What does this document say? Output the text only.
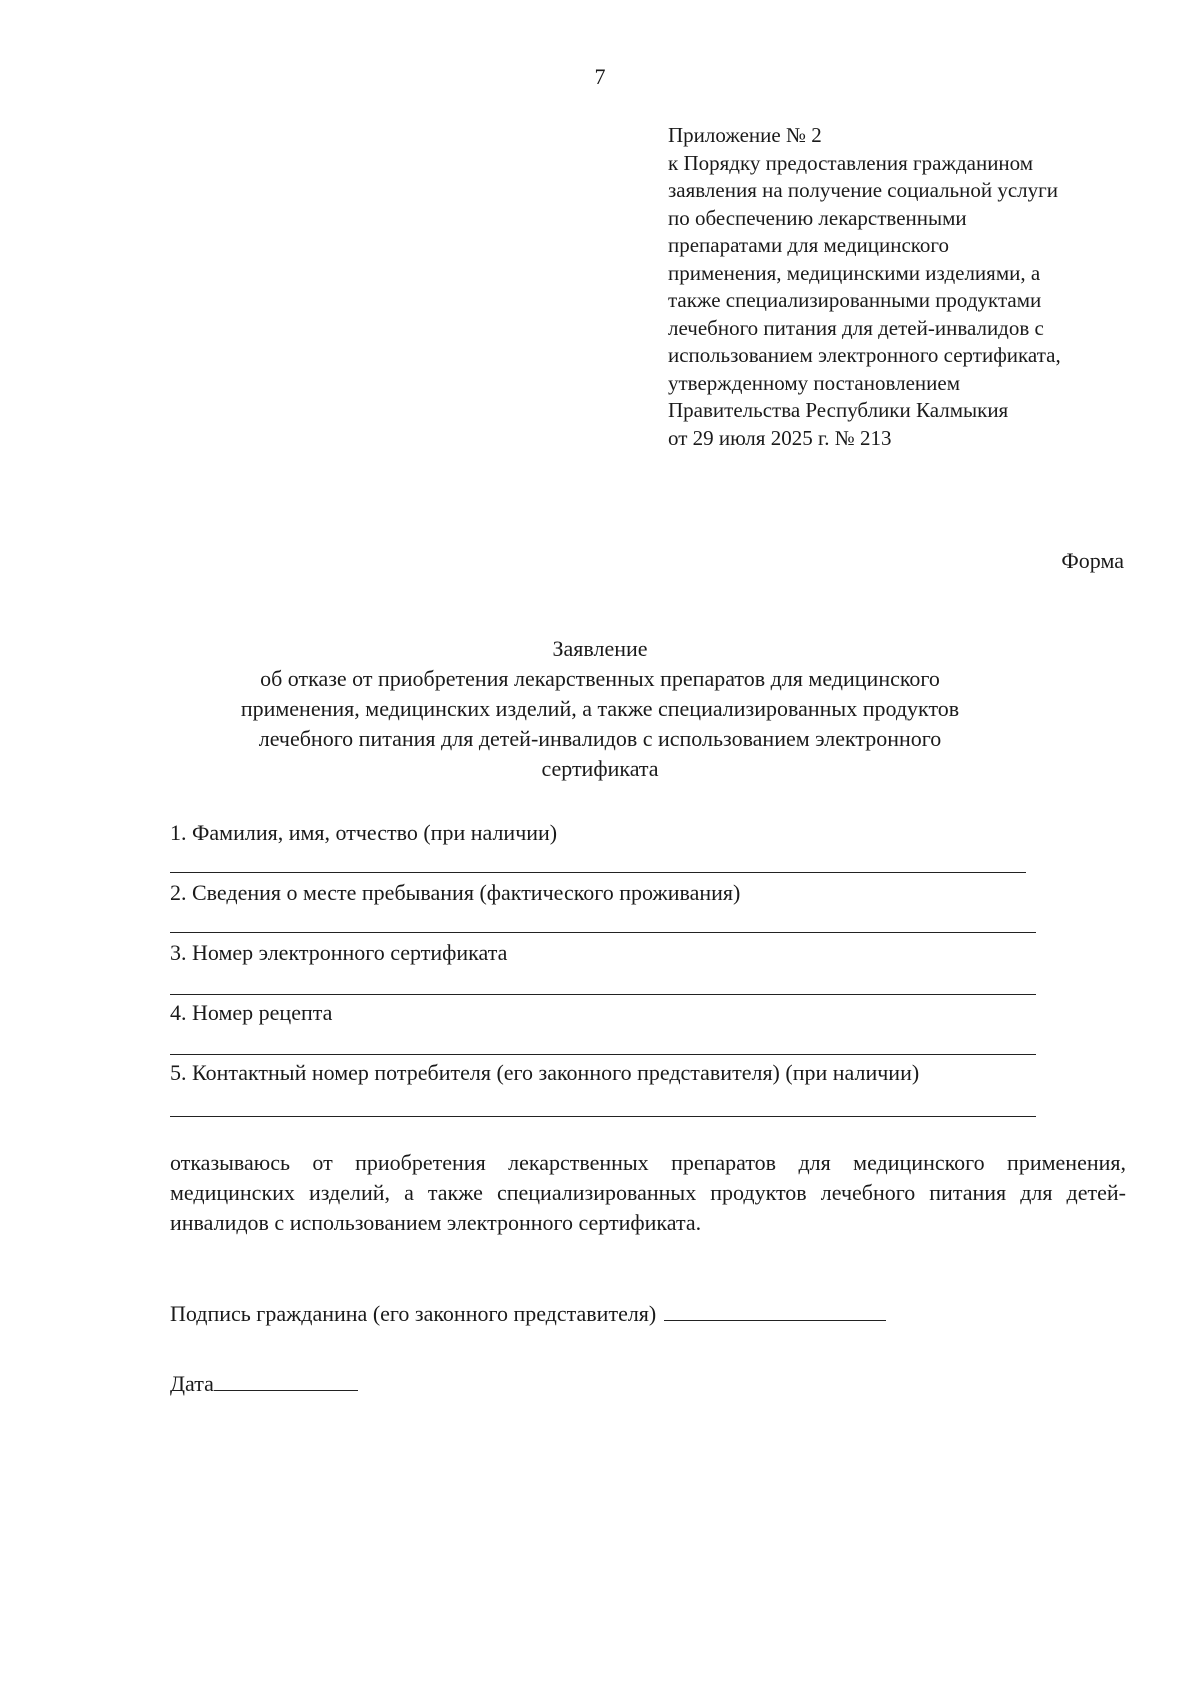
7
Приложение № 2
к Порядку предоставления гражданином
заявления на получение социальной услуги
по обеспечению лекарственными
препаратами для медицинского
применения, медицинскими изделиями, а
также специализированными продуктами
лечебного питания для детей-инвалидов с
использованием электронного сертификата,
утвержденному постановлением
Правительства Республики Калмыкия
от 29 июля 2025 г. № 213
Форма
Заявление
об отказе от приобретения лекарственных препаратов для медицинского
применения, медицинских изделий, а также специализированных продуктов
лечебного питания для детей-инвалидов с использованием электронного
сертификата
1. Фамилия, имя, отчество (при наличии)
2. Сведения о месте пребывания (фактического проживания)
3. Номер электронного сертификата
4. Номер рецепта
5. Контактный номер потребителя (его законного представителя) (при наличии)
отказываюсь от приобретения лекарственных препаратов для медицинского применения, медицинских изделий, а также специализированных продуктов лечебного питания для детей-инвалидов с использованием электронного сертификата.
Подпись гражданина (его законного представителя)
Дата
